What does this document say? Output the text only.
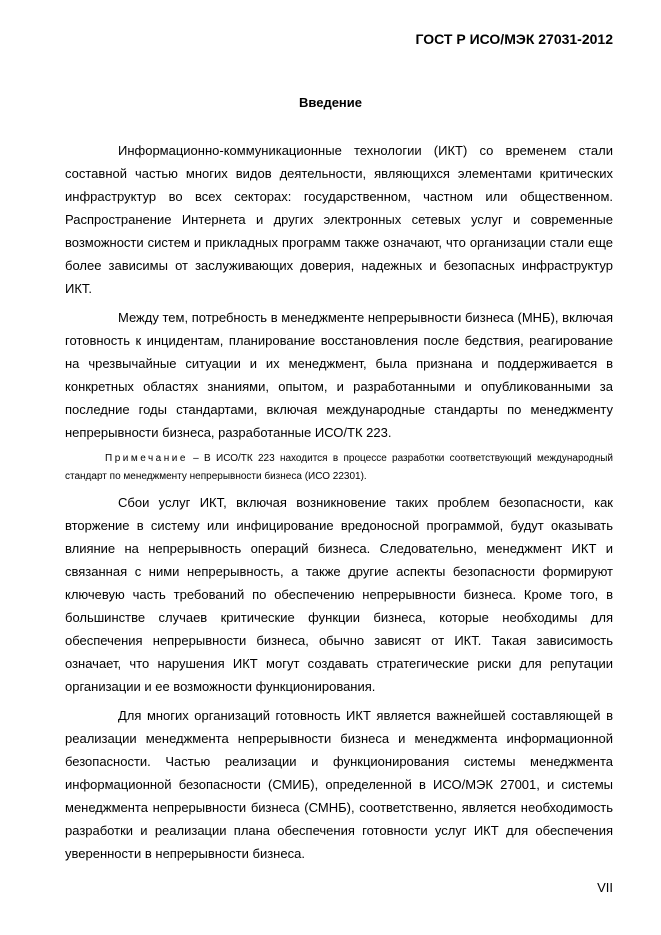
ГОСТ Р ИСО/МЭК 27031-2012
Введение

Информационно-коммуникационные технологии (ИКТ) со временем стали составной частью многих видов деятельности, являющихся элементами критических инфраструктур во всех секторах: государственном, частном или общественном. Распространение Интернета и других электронных сетевых услуг и современные возможности систем и прикладных программ также означают, что организации стали еще более зависимы от заслуживающих доверия, надежных и безопасных инфраструктур ИКТ.

Между тем, потребность в менеджменте непрерывности бизнеса (МНБ), включая готовность к инцидентам, планирование восстановления после бедствия, реагирование на чрезвычайные ситуации и их менеджмент, была признана и поддерживается в конкретных областях знаниями, опытом, и разработанными и опубликованными за последние годы стандартами, включая международные стандарты по менеджменту непрерывности бизнеса, разработанные ИСО/ТК 223.

Примечание – В ИСО/ТК 223 находится в процессе разработки соответствующий международный стандарт по менеджменту непрерывности бизнеса (ИСО 22301).

Сбои услуг ИКТ, включая возникновение таких проблем безопасности, как вторжение в систему или инфицирование вредоносной программой, будут оказывать влияние на непрерывность операций бизнеса. Следовательно, менеджмент ИКТ и связанная с ними непрерывность, а также другие аспекты безопасности формируют ключевую часть требований по обеспечению непрерывности бизнеса. Кроме того, в большинстве случаев критические функции бизнеса, которые необходимы для обеспечения непрерывности бизнеса, обычно зависят от ИКТ. Такая зависимость означает, что нарушения ИКТ могут создавать стратегические риски для репутации организации и ее возможности функционирования.

Для многих организаций готовность ИКТ является важнейшей составляющей в реализации менеджмента непрерывности бизнеса и менеджмента информационной безопасности. Частью реализации и функционирования системы менеджмента информационной безопасности (СМИБ), определенной в ИСО/МЭК 27001, и системы менеджмента непрерывности бизнеса (СМНБ), соответственно, является необходимость разработки и реализации плана обеспечения готовности услуг ИКТ для обеспечения уверенности в непрерывности бизнеса.

VII
